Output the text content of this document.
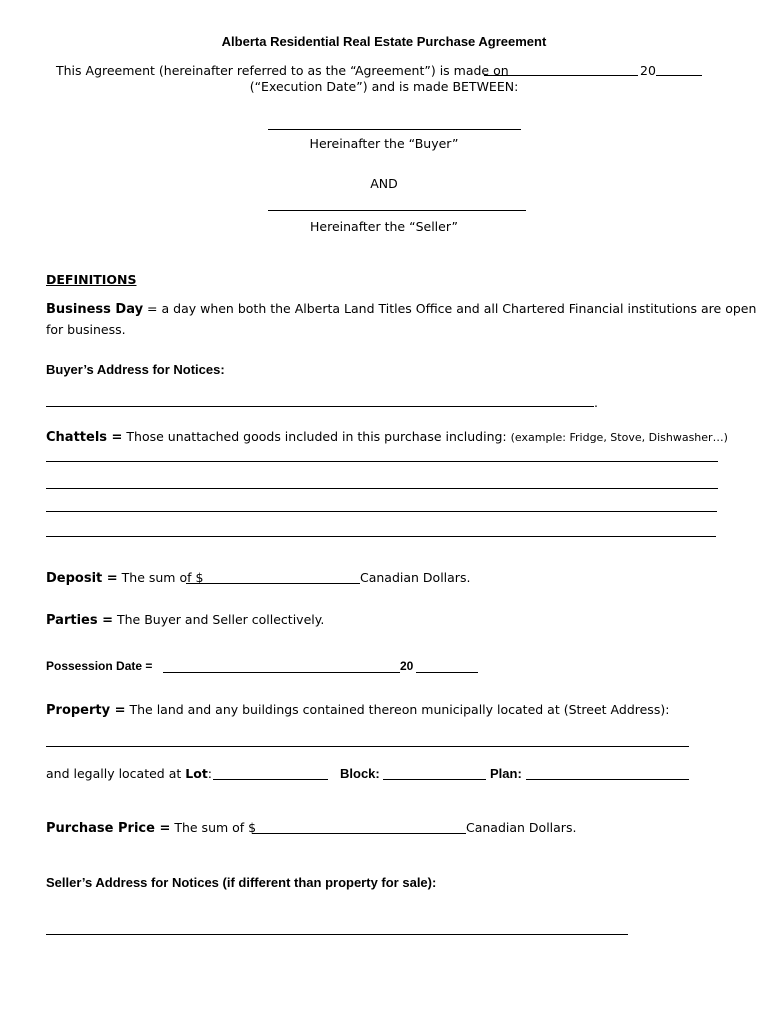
Alberta Residential Real Estate Purchase Agreement
This Agreement (hereinafter referred to as the “Agreement”) is made on	20
(“Execution Date”) and is made BETWEEN:
Hereinafter the “Buyer”
AND
Hereinafter the “Seller”
DEFINITIONS
Business Day = a day when both the Alberta Land Titles Office and all Chartered Financial institutions are open
for business.
Buyer’s Address for Notices:
.
Chattels = Those unattached goods included in this purchase including: (example: Fridge, Stove, Dishwasher…)
Deposit = The sum of $	Canadian Dollars.
Parties = The Buyer and Seller collectively.
Possession Date =	20
Property = The land and any buildings contained thereon municipally located at (Street Address):
and legally located at Lot:	Block:	Plan:
Purchase Price = The sum of $	Canadian Dollars.
Seller’s Address for Notices (if different than property for sale):
